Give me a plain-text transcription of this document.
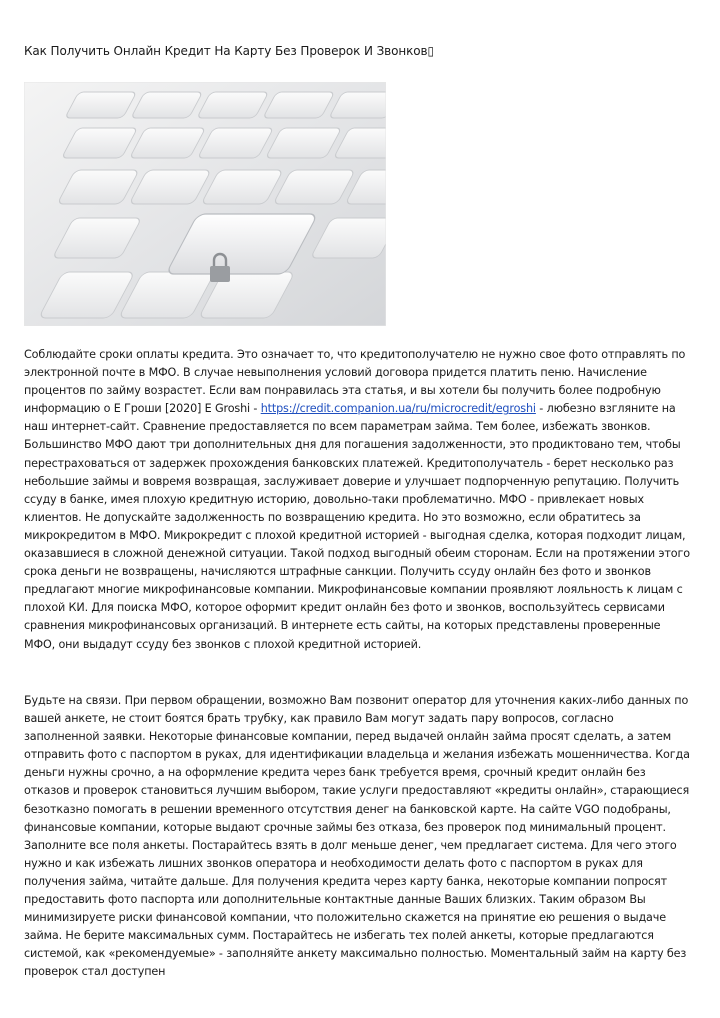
Как Получить Онлайн Кредит На Карту Без Проверок И Звонков▯

Соблюдайте сроки оплаты кредита. Это означает то, что кредитополучателю не нужно свое фото отправлять по электронной почте в МФО. В случае невыполнения условий договора придется платить пеню. Начисление процентов по займу возрастет. Если вам понравилась эта статья, и вы хотели бы получить более подробную информацию о Е Гроши [2020] E Groshi - https://credit.companion.ua/ru/microcredit/egroshi - любезно взгляните на наш интернет-сайт. Сравнение предоставляется по всем параметрам займа. Тем более, избежать звонков. Большинство МФО дают три дополнительных дня для погашения задолженности, это продиктовано тем, чтобы перестраховаться от задержек прохождения банковских платежей. Кредитополучатель - берет несколько раз небольшие займы и вовремя возвращая, заслуживает доверие и улучшает подпорченную репутацию. Получить ссуду в банке, имея плохую кредитную историю, довольно-таки проблематично. МФО - привлекает новых клиентов. Не допускайте задолженность по возвращению кредита. Но это возможно, если обратитесь за микрокредитом в МФО. Микрокредит с плохой кредитной историей - выгодная сделка, которая подходит лицам, оказавшиеся в сложной денежной ситуации. Такой подход выгодный обеим сторонам. Если на протяжении этого срока деньги не возвращены, начисляются штрафные санкции. Получить ссуду онлайн без фото и звонков предлагают многие микрофинансовые компании. Микрофинансовые компании проявляют лояльность к лицам с плохой КИ. Для поиска МФО, которое оформит кредит онлайн без фото и звонков, воспользуйтесь сервисами сравнения микрофинансовых организаций. В интернете есть сайты, на которых представлены проверенные МФО, они выдадут ссуду без звонков с плохой кредитной историей.

Будьте на связи. При первом обращении, возможно Вам позвонит оператор для уточнения каких-либо данных по вашей анкете, не стоит боятся брать трубку, как правило Вам могут задать пару вопросов, согласно заполненной заявки. Некоторые финансовые компании, перед выдачей онлайн займа просят сделать, а затем отправить фото с паспортом в руках, для идентификации владельца и желания избежать мошенничества. Когда деньги нужны срочно, а на оформление кредита через банк требуется время, срочный кредит онлайн без отказов и проверок становиться лучшим выбором, такие услуги предоставляют «кредиты онлайн», старающиеся безотказно помогать в решении временного отсутствия денег на банковской карте. На сайте VGO подобраны, финансовые компании, которые выдают срочные займы без отказа, без проверок под минимальный процент. Заполните все поля анкеты. Постарайтесь взять в долг меньше денег, чем предлагает система. Для чего этого нужно и как избежать лишних звонков оператора и необходимости делать фото с паспортом в руках для получения займа, читайте дальше. Для получения кредита через карту банка, некоторые компании попросят предоставить фото паспорта или дополнительные контактные данные Ваших близких. Таким образом Вы минимизируете риски финансовой компании, что положительно скажется на принятие ею решения о выдаче займа. Не берите максимальных сумм. Постарайтесь не избегать тех полей анкеты, которые предлагаются системой, как «рекомендуемые» - заполняйте анкету максимально полностью. Моментальный займ на карту без проверок стал доступен
